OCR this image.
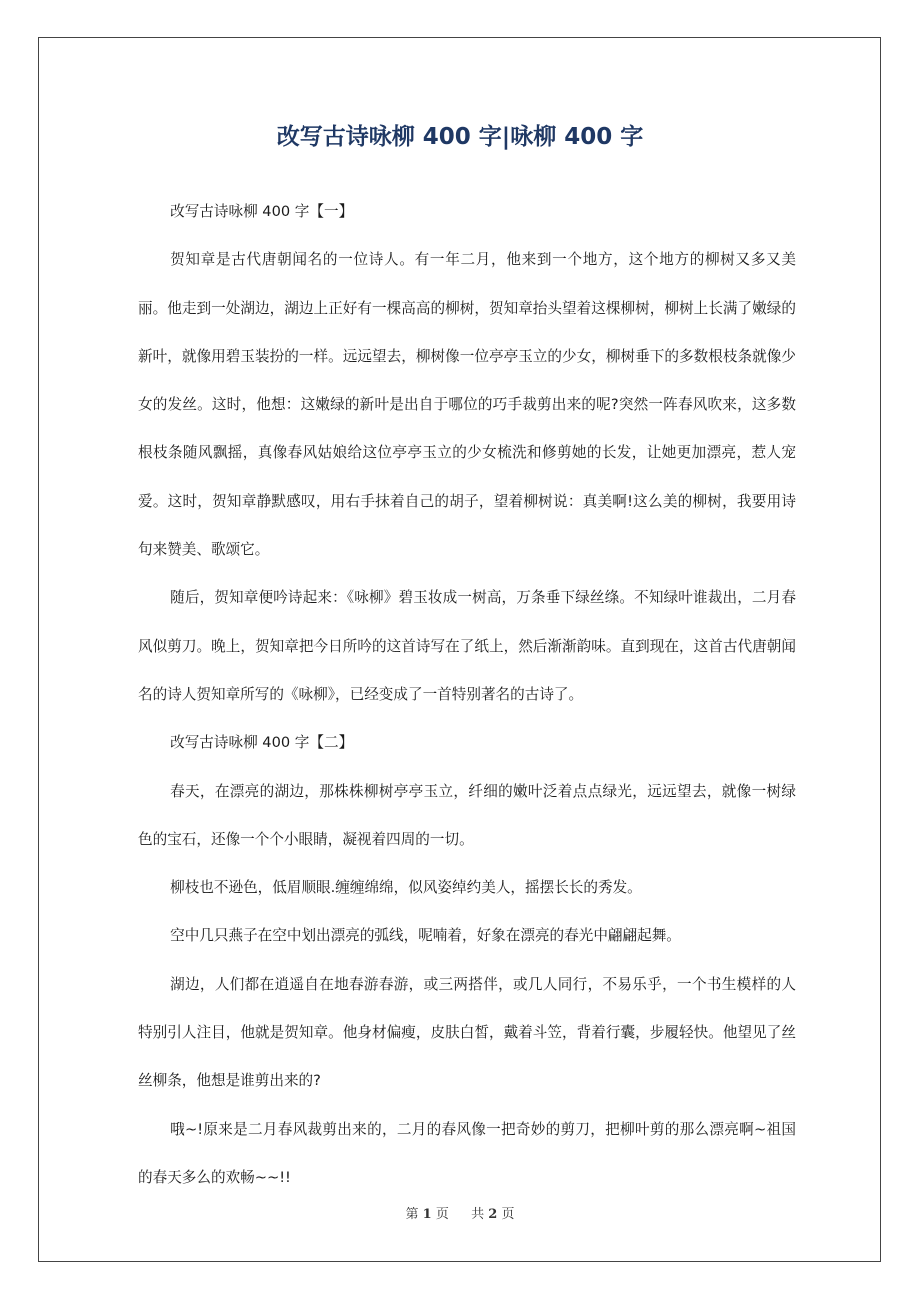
改写古诗咏柳 400 字|咏柳 400 字

改写古诗咏柳 400 字【一】

贺知章是古代唐朝闻名的一位诗人。有一年二月，他来到一个地方，这个地方的柳树又多又美丽。他走到一处湖边，湖边上正好有一棵高高的柳树，贺知章抬头望着这棵柳树，柳树上长满了嫩绿的新叶，就像用碧玉装扮的一样。远远望去，柳树像一位亭亭玉立的少女，柳树垂下的多数根枝条就像少女的发丝。这时，他想：这嫩绿的新叶是出自于哪位的巧手裁剪出来的呢?突然一阵春风吹来，这多数根枝条随风飘摇，真像春风姑娘给这位亭亭玉立的少女梳洗和修剪她的长发，让她更加漂亮，惹人宠爱。这时，贺知章静默感叹，用右手抹着自己的胡子，望着柳树说：真美啊!这么美的柳树，我要用诗句来赞美、歌颂它。

随后，贺知章便吟诗起来：《咏柳》碧玉妆成一树高，万条垂下绿丝绦。不知绿叶谁裁出，二月春风似剪刀。晚上，贺知章把今日所吟的这首诗写在了纸上，然后渐渐韵味。直到现在，这首古代唐朝闻名的诗人贺知章所写的《咏柳》，已经变成了一首特别著名的古诗了。

改写古诗咏柳 400 字【二】

春天，在漂亮的湖边，那株株柳树亭亭玉立，纤细的嫩叶泛着点点绿光，远远望去，就像一树绿色的宝石，还像一个个小眼睛，凝视着四周的一切。

柳枝也不逊色，低眉顺眼.缠缠绵绵，似风姿绰约美人，摇摆长长的秀发。

空中几只燕子在空中划出漂亮的弧线，呢喃着，好象在漂亮的春光中翩翩起舞。

湖边，人们都在逍遥自在地春游春游，或三两搭伴，或几人同行，不易乐乎，一个书生模样的人特别引人注目，他就是贺知章。他身材偏瘦，皮肤白皙，戴着斗笠，背着行囊，步履轻快。他望见了丝丝柳条，他想是谁剪出来的?

哦~!原来是二月春风裁剪出来的，二月的春风像一把奇妙的剪刀，把柳叶剪的那么漂亮啊~祖国的春天多么的欢畅~~!!

第 1 页 共 2 页
